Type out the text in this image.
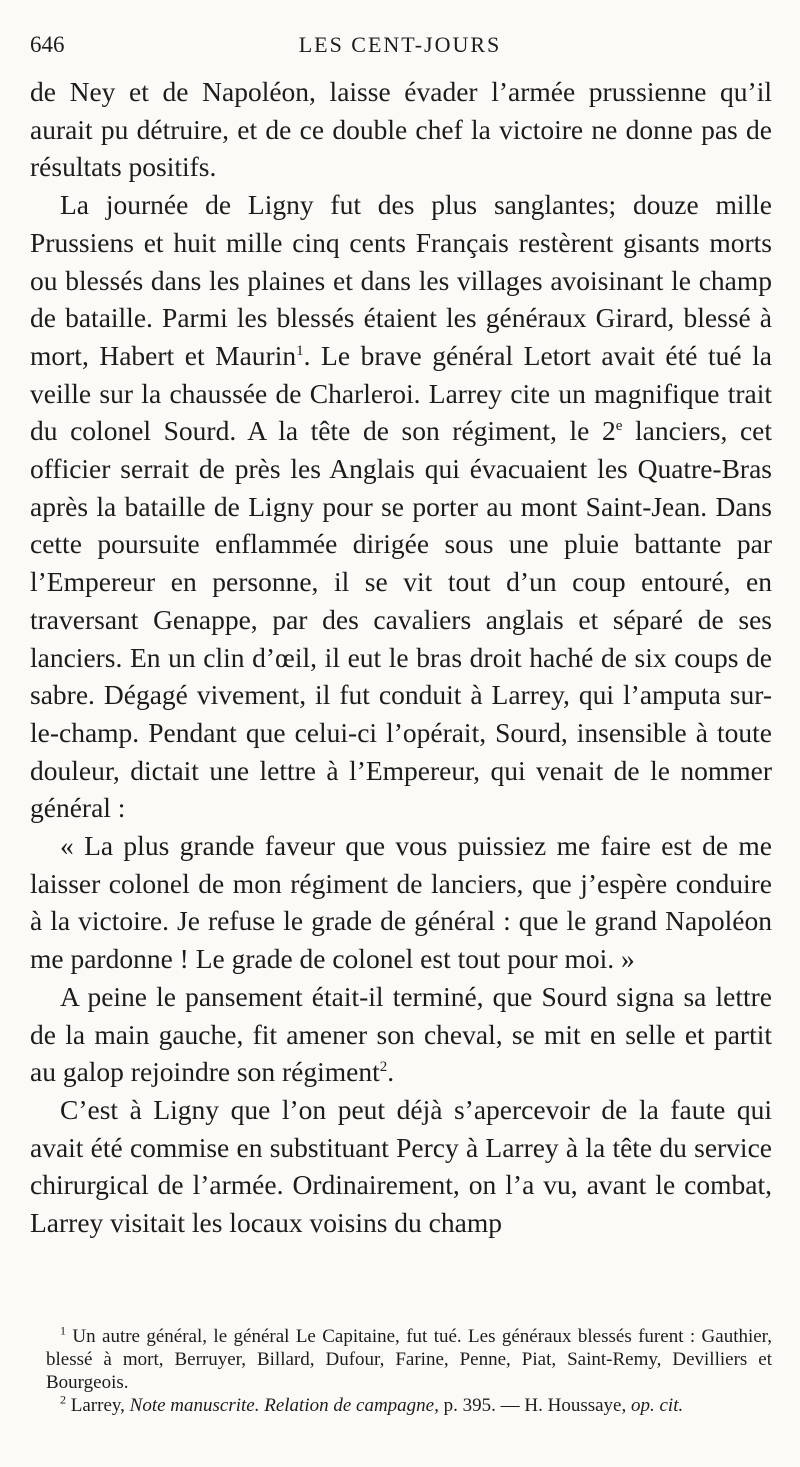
646	LES CENT-JOURS

de Ney et de Napoléon, laisse évader l’armée prussienne qu’il aurait pu détruire, et de ce double chef la victoire ne donne pas de résultats positifs.

La journée de Ligny fut des plus sanglantes; douze mille Prussiens et huit mille cinq cents Français restèrent gisants morts ou blessés dans les plaines et dans les villages avoisinant le champ de bataille. Parmi les blessés étaient les généraux Girard, blessé à mort, Habert et Maurin$^1$. Le brave général Letort avait été tué la veille sur la chaussée de Charleroi. Larrey cite un magnifique trait du colonel Sourd. A la tête de son régiment, le 2e lanciers, cet officier serrait de près les Anglais qui évacuaient les Quatre-Bras après la bataille de Ligny pour se porter au mont Saint-Jean. Dans cette poursuite enflammée dirigée sous une pluie battante par l’Empereur en personne, il se vit tout d’un coup entouré, en traversant Genappe, par des cavaliers anglais et séparé de ses lanciers. En un clin d’œil, il eut le bras droit haché de six coups de sabre. Dégagé vivement, il fut conduit à Larrey, qui l’amputa sur-le-champ. Pendant que celui-ci l’opérait, Sourd, insensible à toute douleur, dictait une lettre à l’Empereur, qui venait de le nommer général :

« La plus grande faveur que vous puissiez me faire est de me laisser colonel de mon régiment de lanciers, que j’espère conduire à la victoire. Je refuse le grade de général : que le grand Napoléon me pardonne ! Le grade de colonel est tout pour moi. »

A peine le pansement était-il terminé, que Sourd signa sa lettre de la main gauche, fit amener son cheval, se mit en selle et partit au galop rejoindre son régiment$^2$.

C’est à Ligny que l’on peut déjà s’apercevoir de la faute qui avait été commise en substituant Percy à Larrey à la tête du service chirurgical de l’armée. Ordinairement, on l’a vu, avant le combat, Larrey visitait les locaux voisins du champ

$^1$ Un autre général, le général Le Capitaine, fut tué. Les généraux blessés furent : Gauthier, blessé à mort, Berruyer, Billard, Dufour, Farine, Penne, Piat, Saint-Remy, Devilliers et Bourgeois.

$^2$ Larrey, Note manuscrite. Relation de campagne, p. 395. — H. Houssaye, op. cit.
